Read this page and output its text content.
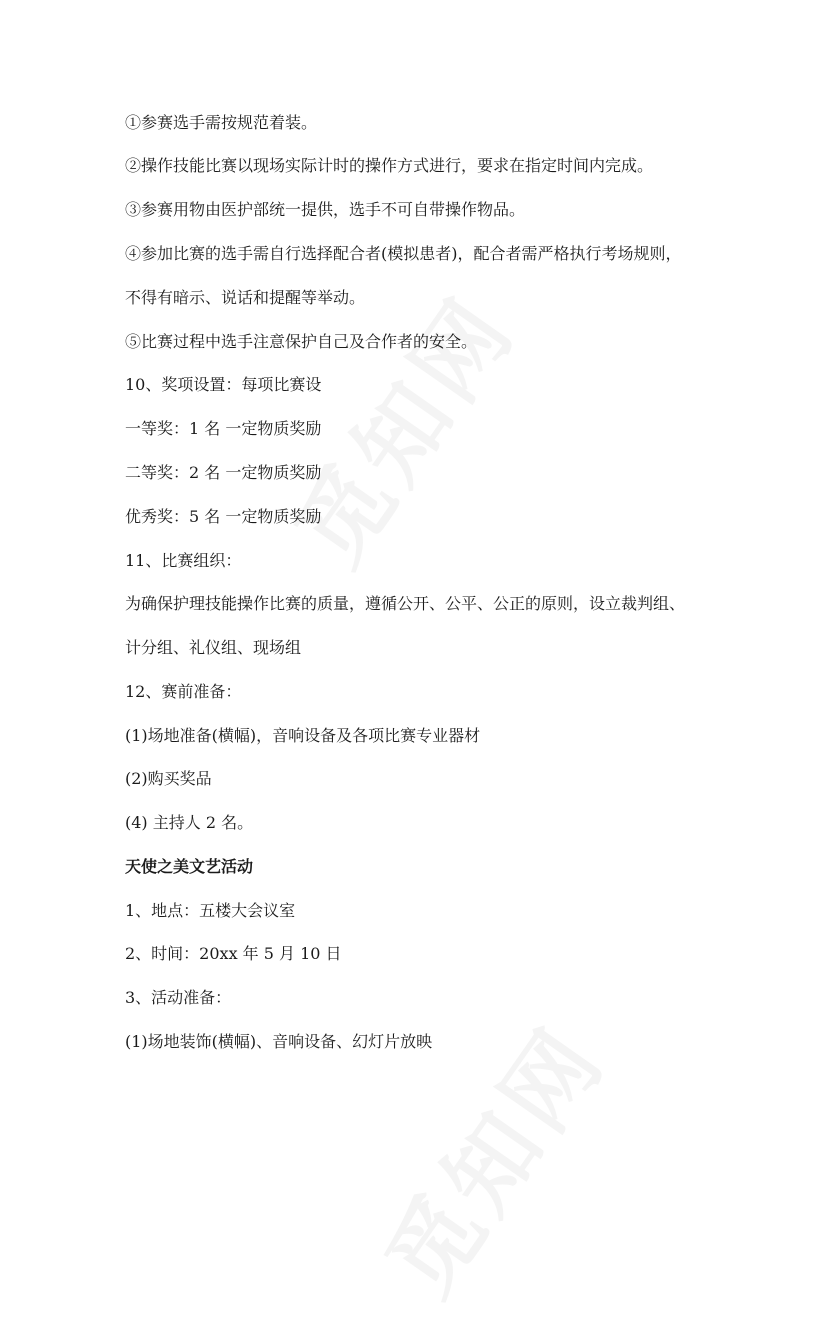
①参赛选手需按规范着装。
②操作技能比赛以现场实际计时的操作方式进行，要求在指定时间内完成。
③参赛用物由医护部统一提供，选手不可自带操作物品。
④参加比赛的选手需自行选择配合者(模拟患者)，配合者需严格执行考场规则，
不得有暗示、说话和提醒等举动。
⑤比赛过程中选手注意保护自己及合作者的安全。
10、奖项设置：每项比赛设
一等奖：1 名 一定物质奖励
二等奖：2 名 一定物质奖励
优秀奖：5 名 一定物质奖励
11、比赛组织：
为确保护理技能操作比赛的质量，遵循公开、公平、公正的原则，设立裁判组、
计分组、礼仪组、现场组
12、赛前准备：
(1)场地准备(横幅)，音响设备及各项比赛专业器材
(2)购买奖品
(4) 主持人 2 名。
天使之美文艺活动
1、地点：五楼大会议室
2、时间：20xx 年 5 月 10 日
3、活动准备：
(1)场地装饰(横幅)、音响设备、幻灯片放映
